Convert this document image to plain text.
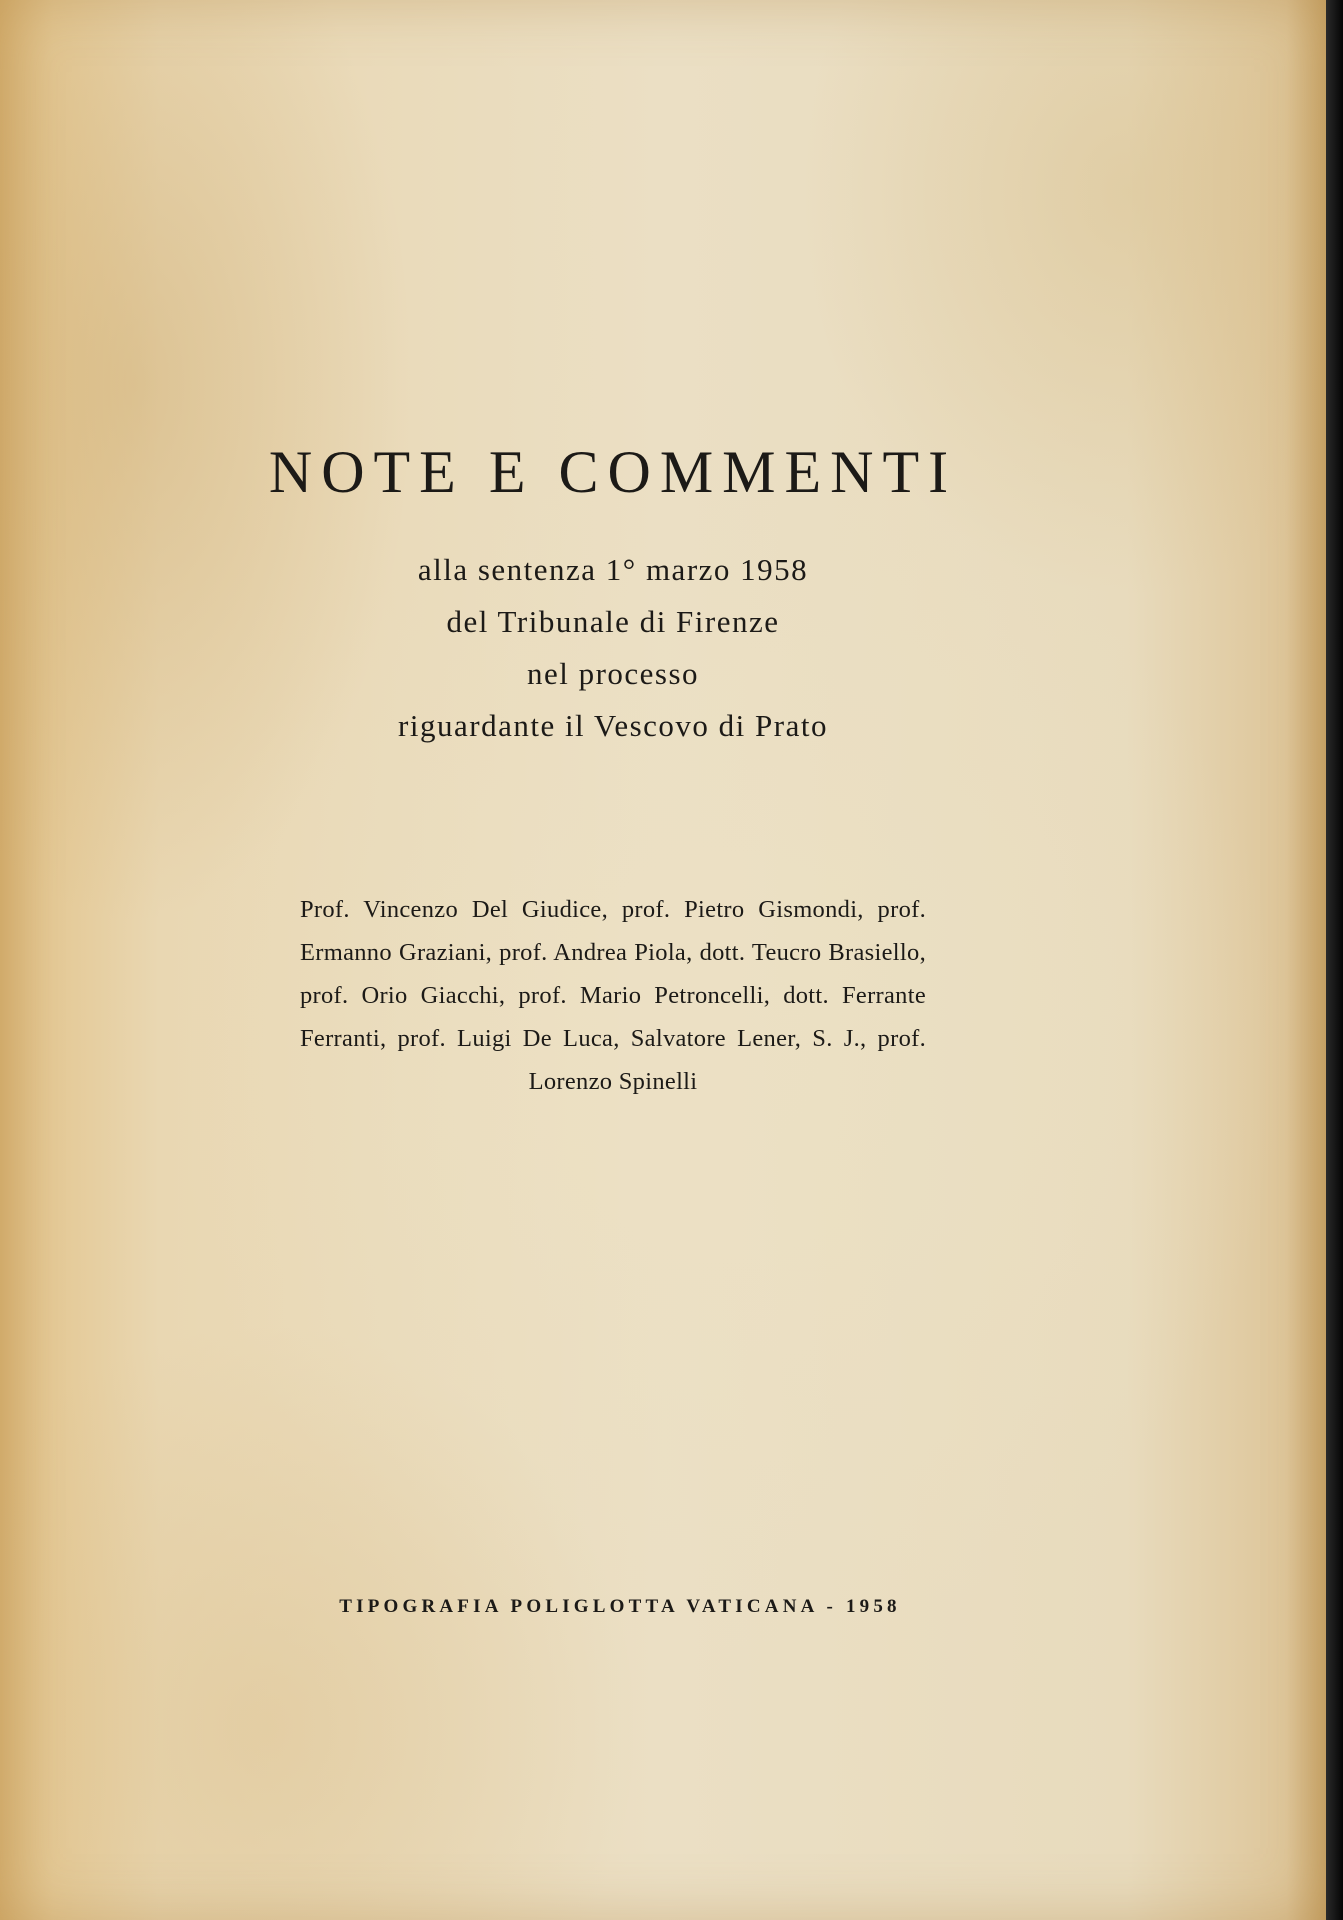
NOTE E COMMENTI
alla sentenza 1° marzo 1958
del Tribunale di Firenze
nel processo
riguardante il Vescovo di Prato
Prof. Vincenzo Del Giudice, prof. Pietro Gismondi, prof. Ermanno Graziani, prof. Andrea Piola, dott. Teucro Brasiello, prof. Orio Giacchi, prof. Mario Petroncelli, dott. Ferrante Ferranti, prof. Luigi De Luca, Salvatore Lener, S. J., prof. Lorenzo Spinelli
TIPOGRAFIA POLIGLOTTA VATICANA - 1958
